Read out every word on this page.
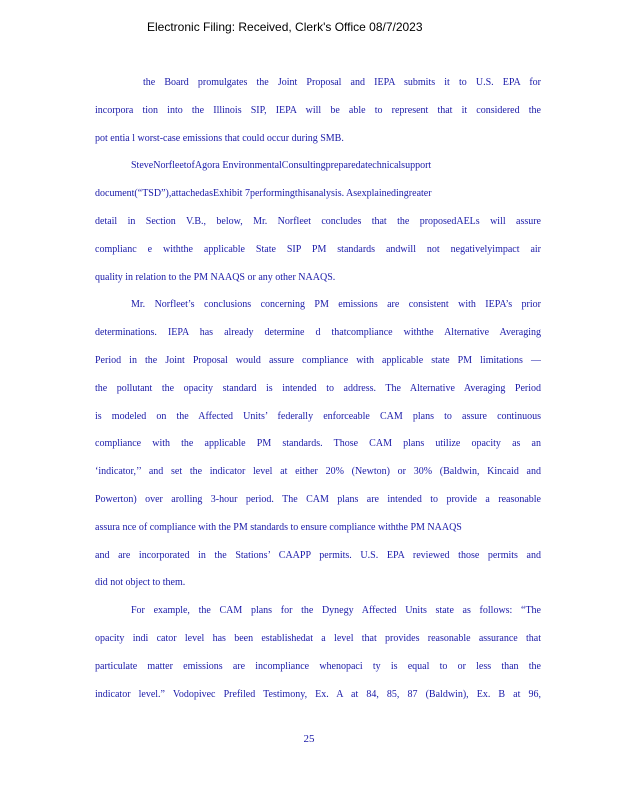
Electronic Filing: Received, Clerk's Office 08/7/2023
the Board promulgates the Joint Proposal and IEPA submits it to U.S. EPA for
incorpora tion into the Illinois SIP, IEPA will be able to represent that it considered the
pot entia l worst-case emissions that could occur during SMB.
SteveNorfleetofAgora EnvironmentalConsultingpreparedatechnicalsupport
document(“TSD”),attachedasExhibit 7performingthisanalysis. Asexplainedingreater
detail in Section V.B., below, Mr. Norfleet concludes that the proposedAELs will assure
complianc e withthe applicable State SIP PM standards andwill not negativelyimpact air
quality in relation to the PM NAAQS or any other NAAQS.
Mr. Norfleet’s conclusions concerning PM emissions are consistent with IEPA’s prior
determinations. IEPA has already determine d thatcompliance withthe Alternative Averaging
Period in the Joint Proposal would assure compliance with applicable state PM limitations —
the pollutant the opacity standard is intended to address. The Alternative Averaging Period
is modeled on the Affected Units’ federally enforceable CAM plans to assure continuous
compliance with the applicable PM standards. Those CAM plans utilize opacity as an
‘indicator,’’ and set the indicator level at either 20% (Newton) or 30% (Baldwin, Kincaid and
Powerton) over arolling 3-hour period. The CAM plans are intended to provide a reasonable
assura nce of compliance with the PM standards to ensure compliance withthe PM NAAQS
and are incorporated in the Stations’ CAAPP permits. U.S. EPA reviewed those permits and
did not object to them.
For example, the CAM plans for the Dynegy Affected Units state as follows: “The
opacity indi cator level has been establishedat a level that provides reasonable assurance that
particulate matter emissions are incompliance whenopaci ty is equal to or less than the
indicator level.” Vodopivec Prefiled Testimony, Ex. A at 84, 85, 87 (Baldwin), Ex. B at 96,
25
